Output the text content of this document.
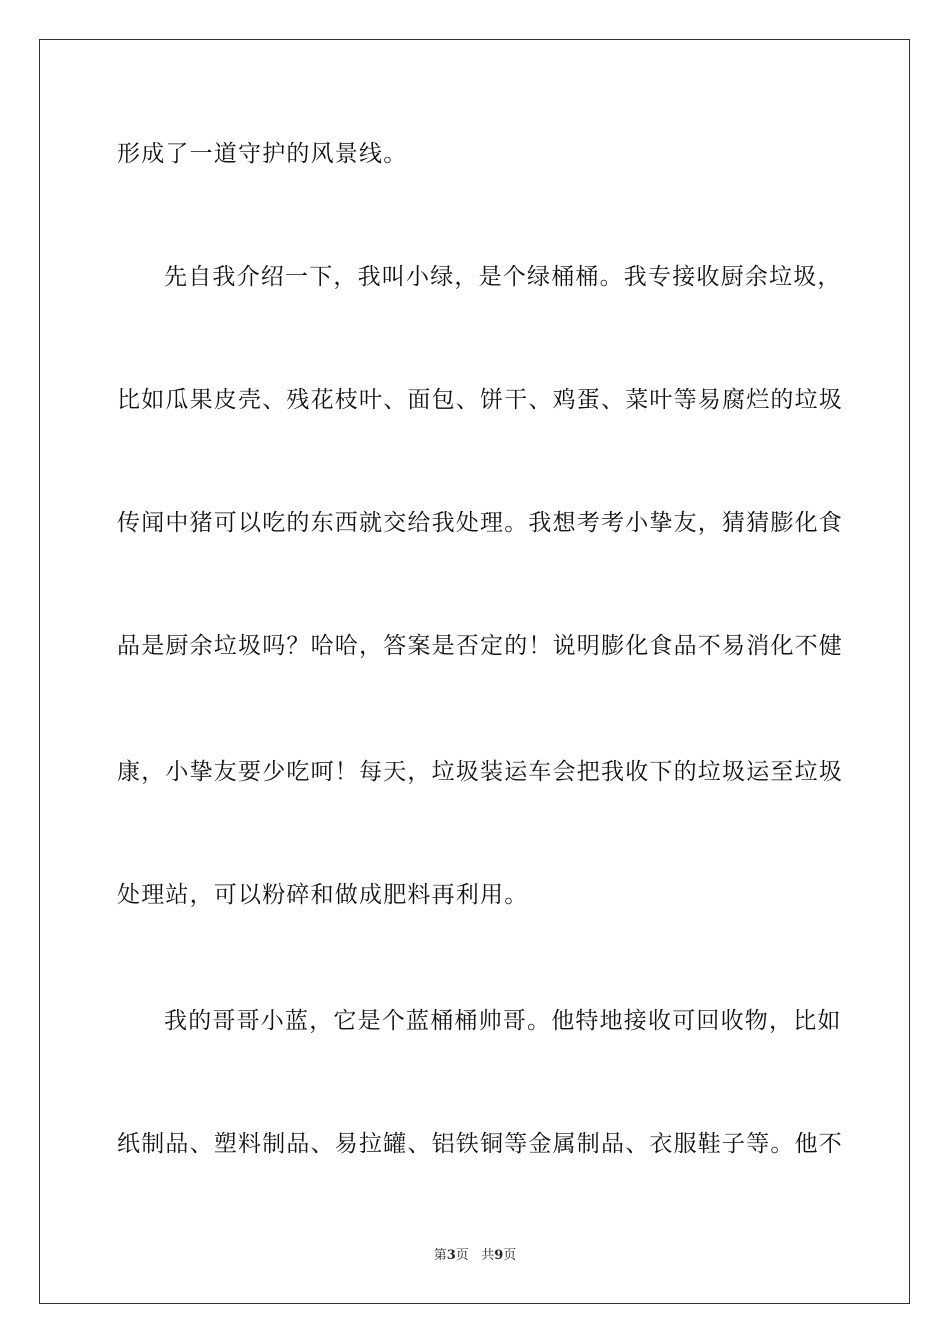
形成了一道守护的风景线。
先自我介绍一下，我叫小绿，是个绿桶桶。我专接收厨余垃圾，
比如瓜果皮壳、残花枝叶、面包、饼干、鸡蛋、菜叶等易腐烂的垃圾
传闻中猪可以吃的东西就交给我处理。我想考考小挚友，猜猜膨化食
品是厨余垃圾吗？哈哈，答案是否定的！说明膨化食品不易消化不健
康，小挚友要少吃呵！每天，垃圾装运车会把我收下的垃圾运至垃圾
处理站，可以粉碎和做成肥料再利用。
我的哥哥小蓝，它是个蓝桶桶帅哥。他特地接收可回收物，比如
纸制品、塑料制品、易拉罐、铝铁铜等金属制品、衣服鞋子等。他不
第3页 共9页
